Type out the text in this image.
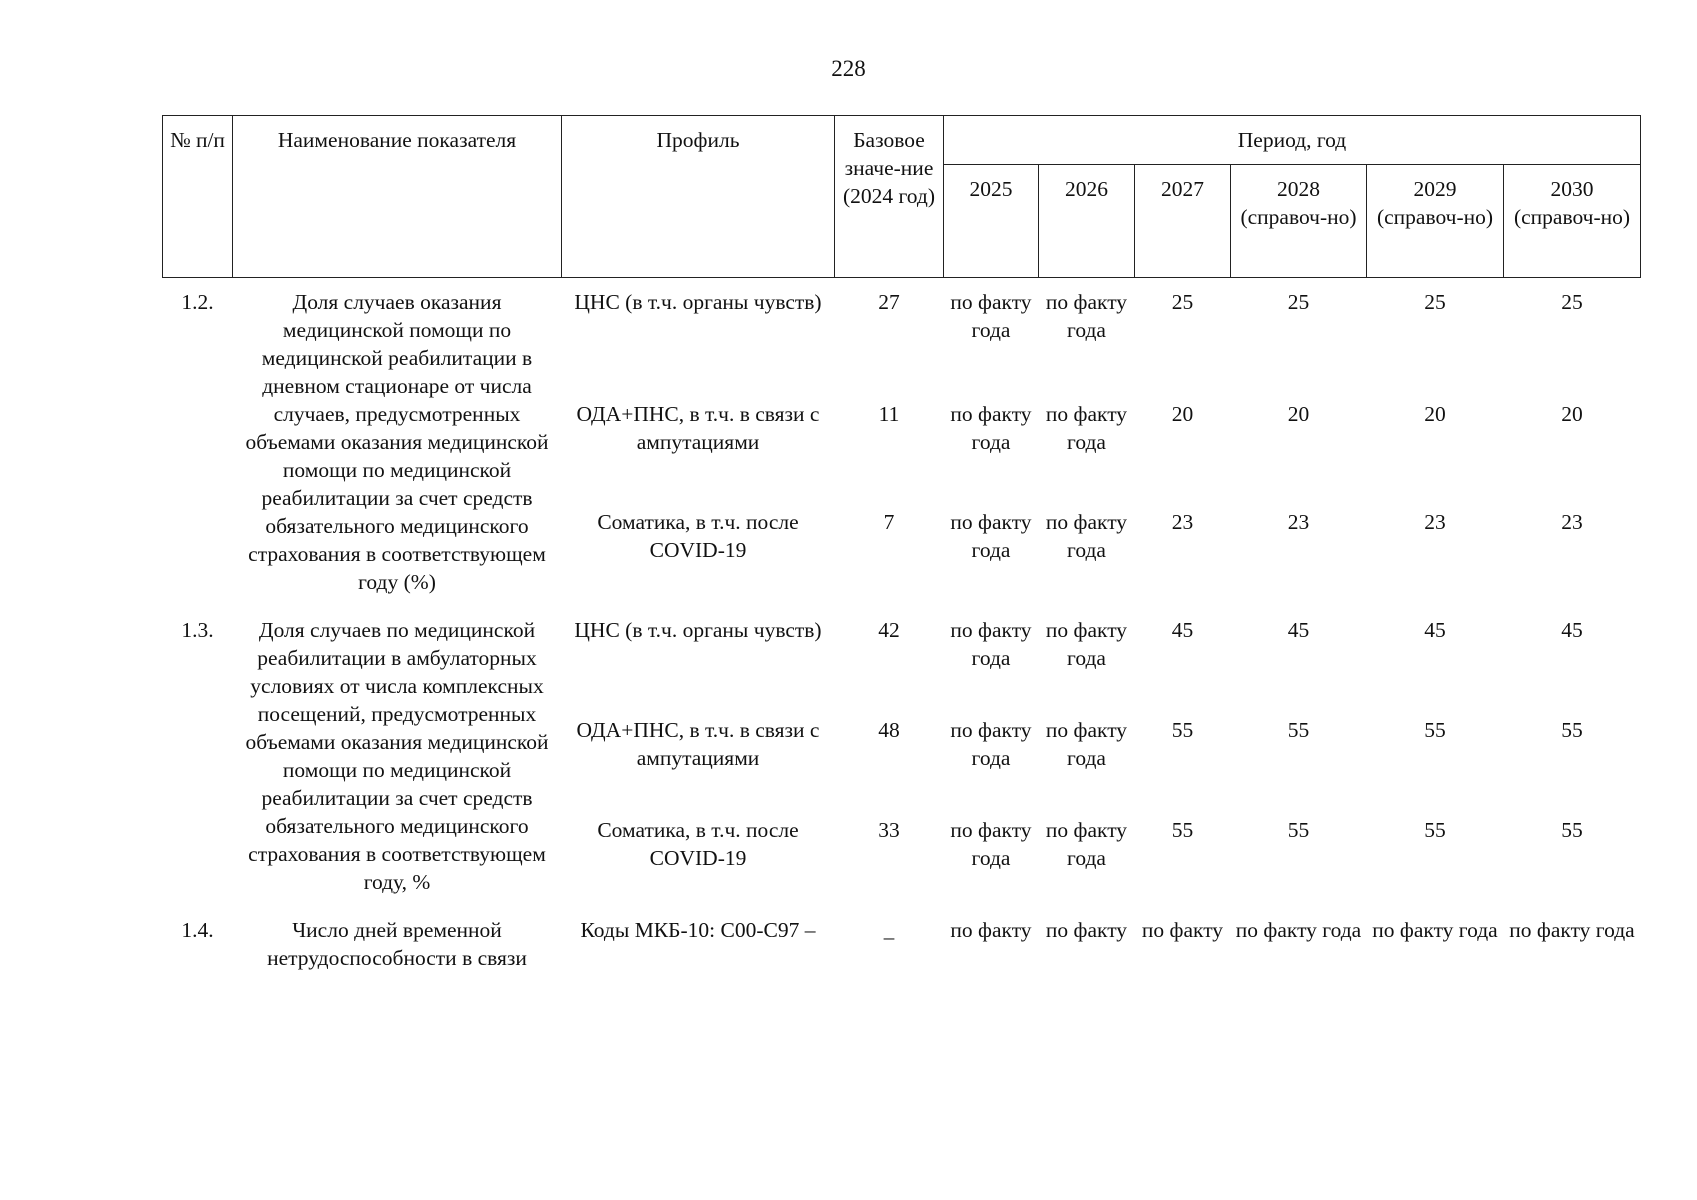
228
№ п/п	Наименование показателя	Профиль	Базовое значе-ние (2024 год)	Период, год					
				2025	2026	2027	2028 (справоч-но)	2029 (справоч-но)	2030 (справоч-но)
1.2.	Доля случаев оказания медицинской помощи по медицинской реабилитации в дневном стационаре от числа случаев, предусмотренных объемами оказания медицинской помощи по медицинской реабилитации за счет средств обязательного медицинского страхования в соответствующем году (%)	ЦНС (в т.ч. органы чувств)	27	по факту года	по факту года	25	25	25	25
		ОДА+ПНС, в т.ч. в связи с ампутациями	11	по факту года	по факту года	20	20	20	20
		Соматика, в т.ч. после COVID-19	7	по факту года	по факту года	23	23	23	23
1.3.	Доля случаев по медицинской реабилитации в амбулаторных условиях от числа комплексных посещений, предусмотренных объемами оказания медицинской помощи по медицинской реабилитации за счет средств обязательного медицинского страхования в соответствующем году, %	ЦНС (в т.ч. органы чувств)	42	по факту года	по факту года	45	45	45	45
		ОДА+ПНС, в т.ч. в связи с ампутациями	48	по факту года	по факту года	55	55	55	55
		Соматика, в т.ч. после COVID-19	33	по факту года	по факту года	55	55	55	55
1.4.	Число дней временной нетрудоспособности в связи	Коды МКБ-10: С00-С97 –	_	по факту	по факту	по факту	по факту года	по факту года	по факту года
